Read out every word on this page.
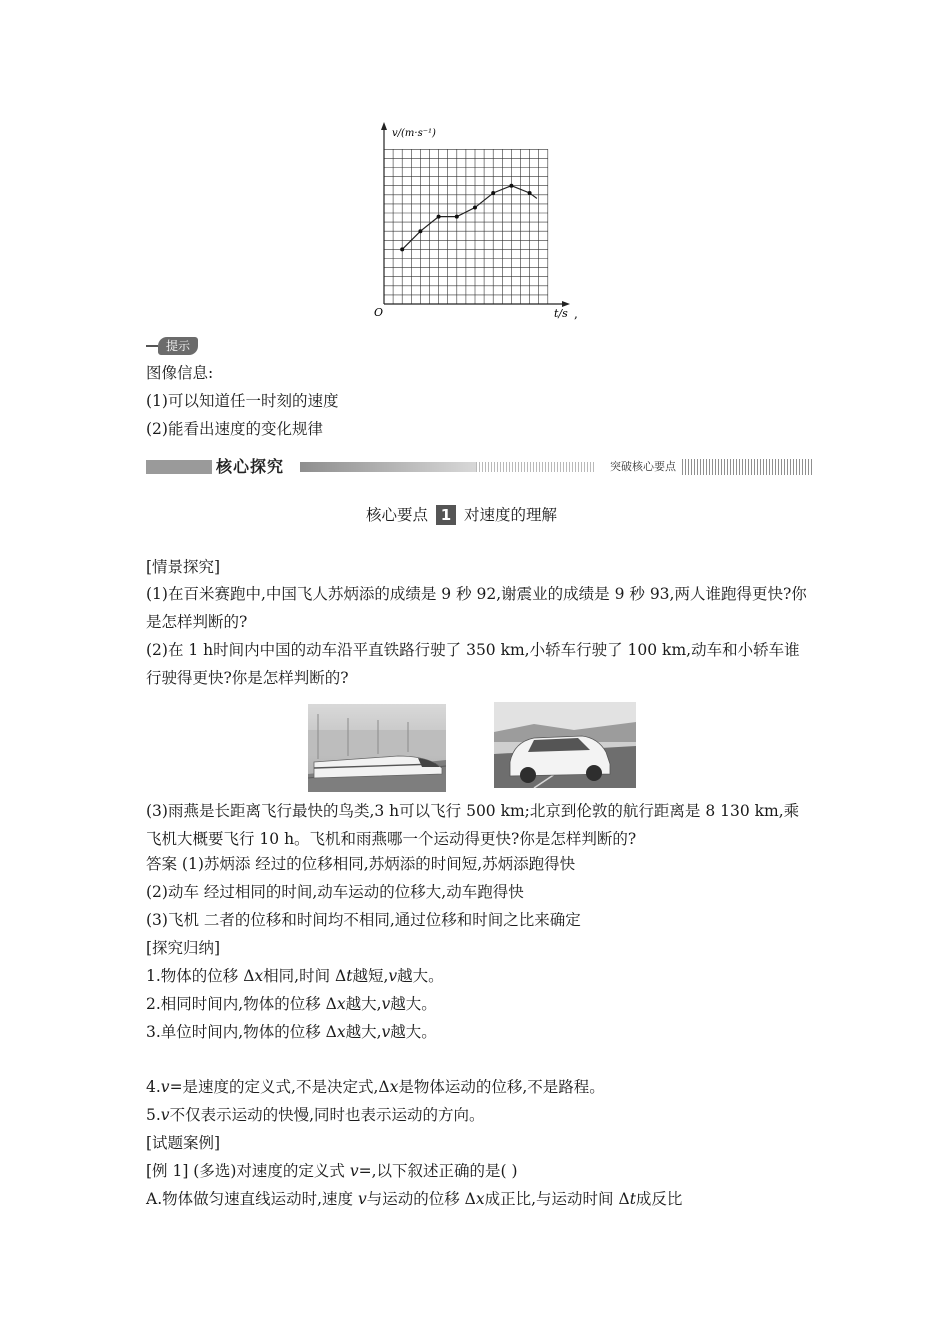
v/(m·s⁻¹)
O	t/s ,
提示
图像信息:
(1)可以知道任一时刻的速度
(2)能看出速度的变化规律
核心探究	突破核心要点
核心要点 1 对速度的理解
[情景探究]
(1)在百米赛跑中,中国飞人苏炳添的成绩是 9 秒 92,谢震业的成绩是 9 秒 93,两人谁跑得更快?你是怎样判断的?
(2)在 1 h时间内中国的动车沿平直铁路行驶了 350 km,小轿车行驶了 100 km,动车和小轿车谁行驶得更快?你是怎样判断的?
(3)雨燕是长距离飞行最快的鸟类,3 h可以飞行 500 km;北京到伦敦的航行距离是 8 130 km,乘飞机大概要飞行 10 h。飞机和雨燕哪一个运动得更快?你是怎样判断的?
答案 (1)苏炳添 经过的位移相同,苏炳添的时间短,苏炳添跑得快
(2)动车 经过相同的时间,动车运动的位移大,动车跑得快
(3)飞机 二者的位移和时间均不相同,通过位移和时间之比来确定
[探究归纳]
1.物体的位移 Δx相同,时间 Δt越短,v越大。
2.相同时间内,物体的位移 Δx越大,v越大。
3.单位时间内,物体的位移 Δx越大,v越大。
4.v=是速度的定义式,不是决定式,Δx是物体运动的位移,不是路程。
5.v不仅表示运动的快慢,同时也表示运动的方向。
[试题案例]
[例 1] (多选)对速度的定义式 v=,以下叙述正确的是( )
A.物体做匀速直线运动时,速度 v与运动的位移 Δx成正比,与运动时间 Δt成反比
